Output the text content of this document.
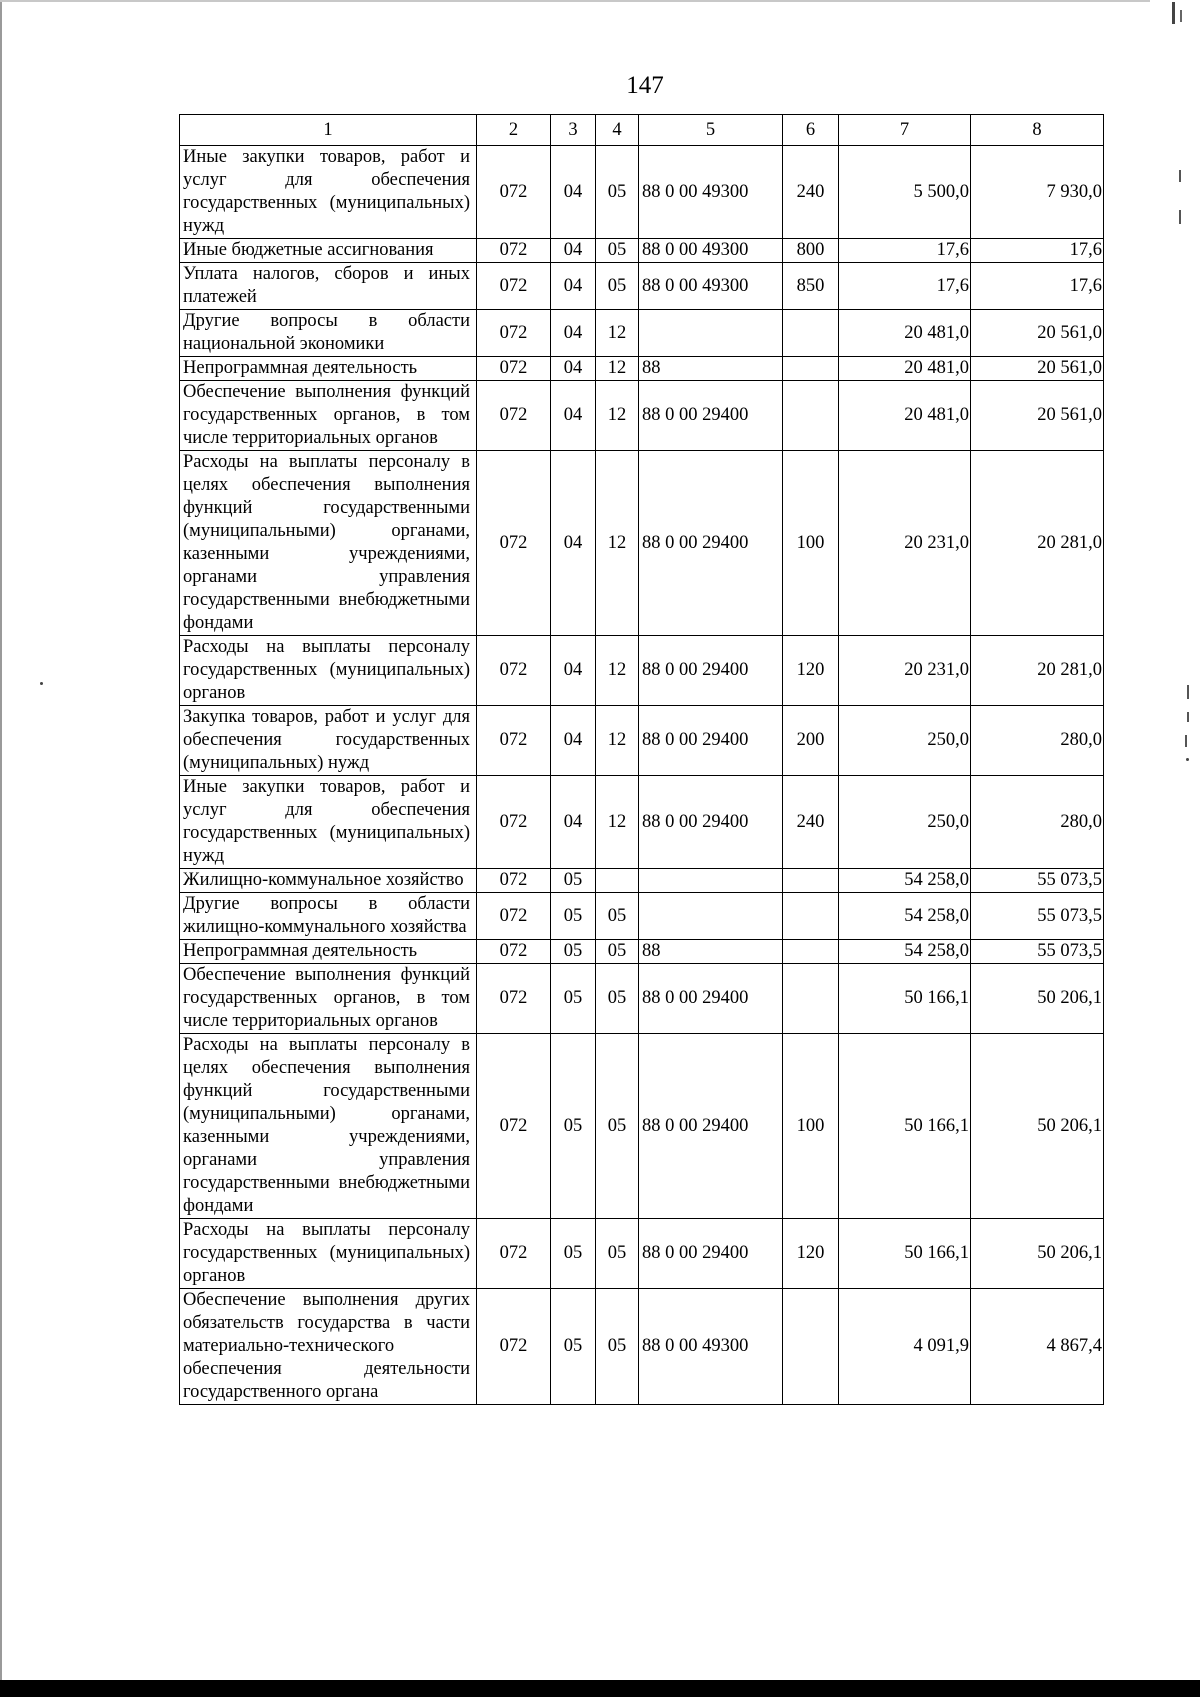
147
1	2	3	4	5	6	7	8
Иные закупки товаров, работ и услуг для обеспечения государственных (муниципальных) нужд	072	04	05	88 0 00 49300	240	5 500,0	7 930,0
Иные бюджетные ассигнования	072	04	05	88 0 00 49300	800	17,6	17,6
Уплата налогов, сборов и иных платежей	072	04	05	88 0 00 49300	850	17,6	17,6
Другие вопросы в области национальной экономики	072	04	12			20 481,0	20 561,0
Непрограммная деятельность	072	04	12	88		20 481,0	20 561,0
Обеспечение выполнения функций государственных органов, в том числе территориальных органов	072	04	12	88 0 00 29400		20 481,0	20 561,0
Расходы на выплаты персоналу в целях обеспечения выполнения функций государственными (муниципальными) органами, казенными учреждениями, органами управления государственными внебюджетными фондами	072	04	12	88 0 00 29400	100	20 231,0	20 281,0
Расходы на выплаты персоналу государственных (муниципальных) органов	072	04	12	88 0 00 29400	120	20 231,0	20 281,0
Закупка товаров, работ и услуг для обеспечения государственных (муниципальных) нужд	072	04	12	88 0 00 29400	200	250,0	280,0
Иные закупки товаров, работ и услуг для обеспечения государственных (муниципальных) нужд	072	04	12	88 0 00 29400	240	250,0	280,0
Жилищно-коммунальное хозяйство	072	05				54 258,0	55 073,5
Другие вопросы в области жилищно-коммунального хозяйства	072	05	05			54 258,0	55 073,5
Непрограммная деятельность	072	05	05	88		54 258,0	55 073,5
Обеспечение выполнения функций государственных органов, в том числе территориальных органов	072	05	05	88 0 00 29400		50 166,1	50 206,1
Расходы на выплаты персоналу в целях обеспечения выполнения функций государственными (муниципальными) органами, казенными учреждениями, органами управления государственными внебюджетными фондами	072	05	05	88 0 00 29400	100	50 166,1	50 206,1
Расходы на выплаты персоналу государственных (муниципальных) органов	072	05	05	88 0 00 29400	120	50 166,1	50 206,1
Обеспечение выполнения других обязательств государства в части материально-технического обеспечения деятельности государственного органа	072	05	05	88 0 00 49300		4 091,9	4 867,4
